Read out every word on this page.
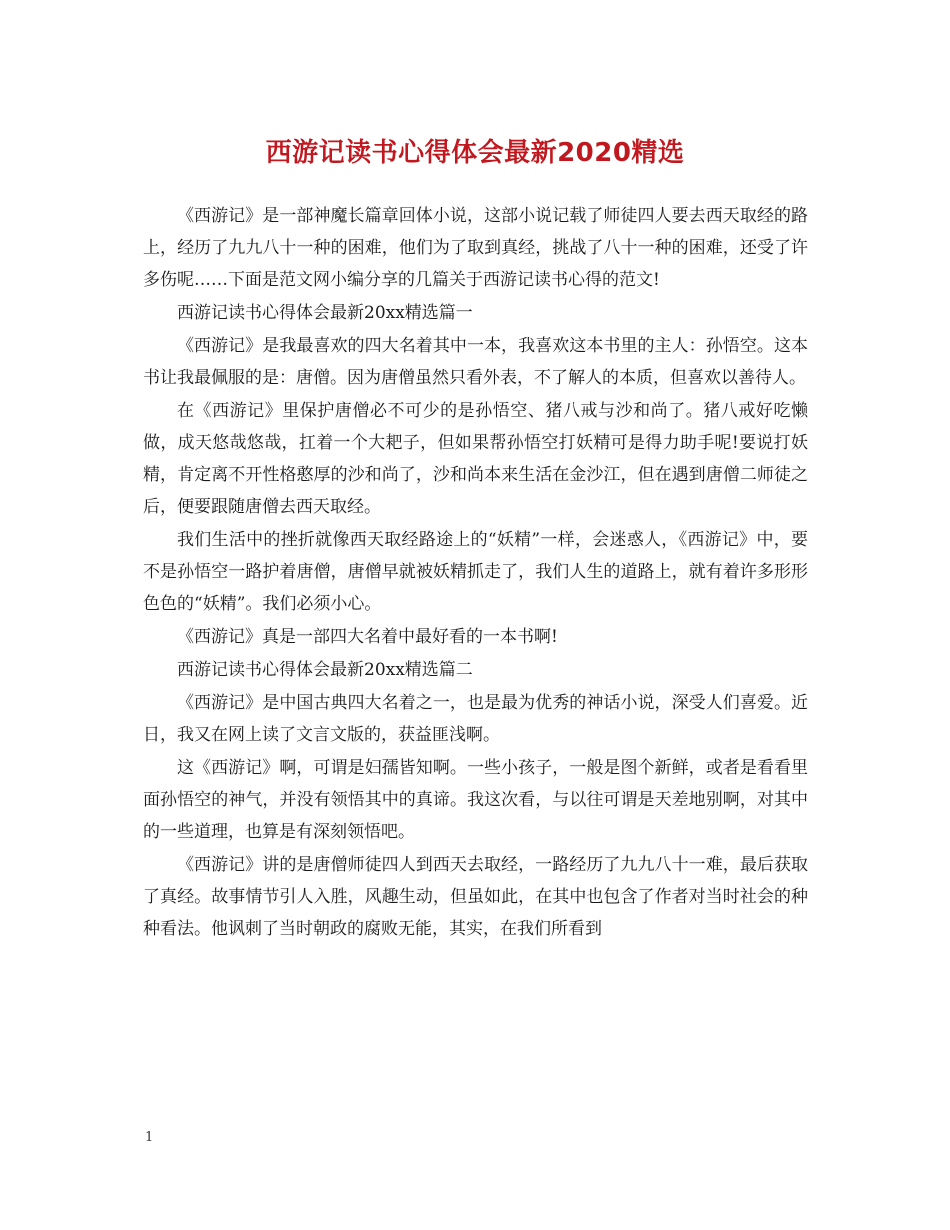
西游记读书心得体会最新2020精选

《西游记》是一部神魔长篇章回体小说，这部小说记载了师徒四人要去西天取经的路上，经历了九九八十一种的困难，他们为了取到真经，挑战了八十一种的困难，还受了许多伤呢……下面是范文网小编分享的几篇关于西游记读书心得的范文!

西游记读书心得体会最新20xx精选篇一

《西游记》是我最喜欢的四大名着其中一本，我喜欢这本书里的主人：孙悟空。这本书让我最佩服的是：唐僧。因为唐僧虽然只看外表，不了解人的本质，但喜欢以善待人。

在《西游记》里保护唐僧必不可少的是孙悟空、猪八戒与沙和尚了。猪八戒好吃懒做，成天悠哉悠哉，扛着一个大耙子，但如果帮孙悟空打妖精可是得力助手呢!要说打妖精，肯定离不开性格憨厚的沙和尚了，沙和尚本来生活在金沙江，但在遇到唐僧二师徒之后，便要跟随唐僧去西天取经。

我们生活中的挫折就像西天取经路途上的“妖精”一样，会迷惑人，《西游记》中，要不是孙悟空一路护着唐僧，唐僧早就被妖精抓走了，我们人生的道路上，就有着许多形形色色的“妖精”。我们必须小心。

《西游记》真是一部四大名着中最好看的一本书啊!

西游记读书心得体会最新20xx精选篇二

《西游记》是中国古典四大名着之一，也是最为优秀的神话小说，深受人们喜爱。近日，我又在网上读了文言文版的，获益匪浅啊。

这《西游记》啊，可谓是妇孺皆知啊。一些小孩子，一般是图个新鲜，或者是看看里面孙悟空的神气，并没有领悟其中的真谛。我这次看，与以往可谓是天差地别啊，对其中的一些道理，也算是有深刻领悟吧。

《西游记》讲的是唐僧师徒四人到西天去取经，一路经历了九九八十一难，最后获取了真经。故事情节引人入胜，风趣生动，但虽如此，在其中也包含了作者对当时社会的种种看法。他讽刺了当时朝政的腐败无能，其实，在我们所看到

1
